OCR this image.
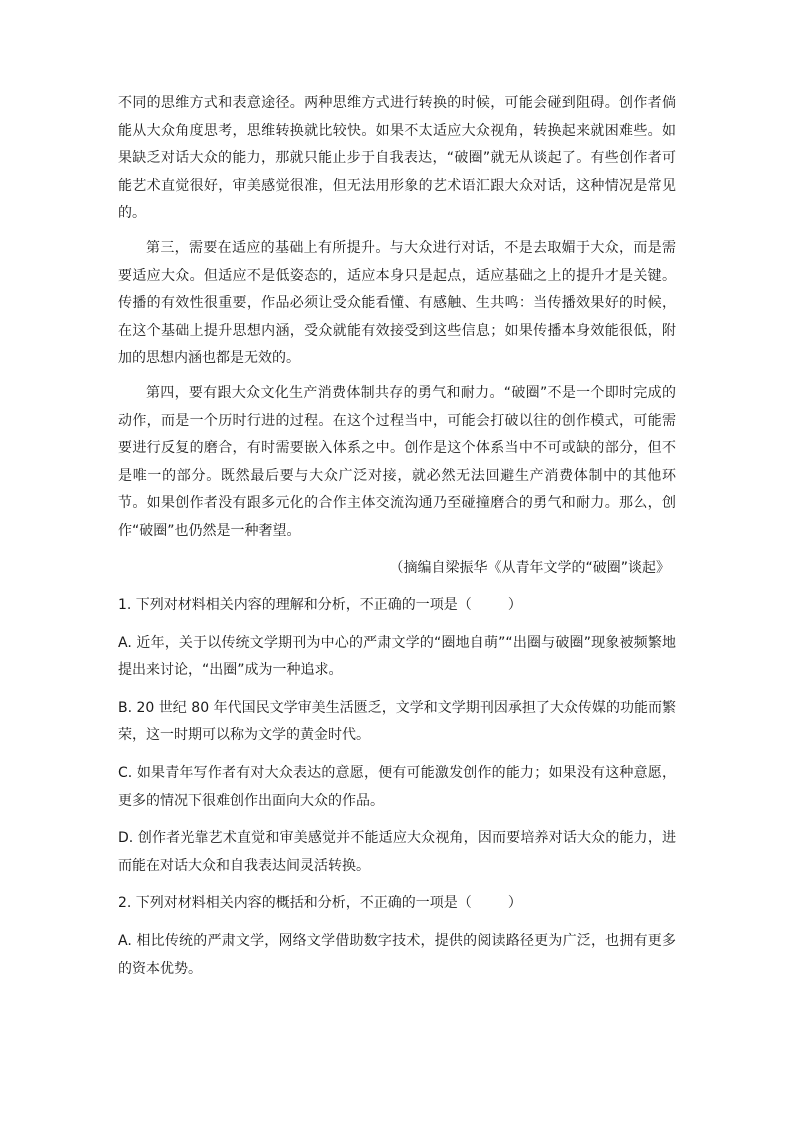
不同的思维方式和表意途径。两种思维方式进行转换的时候，可能会碰到阻碍。创作者倘能从大众角度思考，思维转换就比较快。如果不太适应大众视角，转换起来就困难些。如果缺乏对话大众的能力，那就只能止步于自我表达，“破圈”就无从谈起了。有些创作者可能艺术直觉很好，审美感觉很准，但无法用形象的艺术语汇跟大众对话，这种情况是常见的。

第三，需要在适应的基础上有所提升。与大众进行对话，不是去取媚于大众，而是需要适应大众。但适应不是低姿态的，适应本身只是起点，适应基础之上的提升才是关键。传播的有效性很重要，作品必须让受众能看懂、有感触、生共鸣：当传播效果好的时候，在这个基础上提升思想内涵，受众就能有效接受到这些信息；如果传播本身效能很低，附加的思想内涵也都是无效的。

第四，要有跟大众文化生产消费体制共存的勇气和耐力。“破圈”不是一个即时完成的动作，而是一个历时行进的过程。在这个过程当中，可能会打破以往的创作模式，可能需要进行反复的磨合，有时需要嵌入体系之中。创作是这个体系当中不可或缺的部分，但不是唯一的部分。既然最后要与大众广泛对接，就必然无法回避生产消费体制中的其他环节。如果创作者没有跟多元化的合作主体交流沟通乃至碰撞磨合的勇气和耐力。那么，创作“破圈”也仍然是一种奢望。

（摘编自梁振华《从青年文学的“破圈”谈起》

1. 下列对材料相关内容的理解和分析，不正确的一项是（	）

A. 近年，关于以传统文学期刊为中心的严肃文学的“圈地自萌”“出圈与破圈”现象被频繁地提出来讨论，“出圈”成为一种追求。

B. 20 世纪 80 年代国民文学审美生活匮乏，文学和文学期刊因承担了大众传媒的功能而繁荣，这一时期可以称为文学的黄金时代。

C. 如果青年写作者有对大众表达的意愿，便有可能激发创作的能力；如果没有这种意愿，更多的情况下很难创作出面向大众的作品。

D. 创作者光靠艺术直觉和审美感觉并不能适应大众视角，因而要培养对话大众的能力，进而能在对话大众和自我表达间灵活转换。

2. 下列对材料相关内容的概括和分析，不正确的一项是（	）

A. 相比传统的严肃文学，网络文学借助数字技术，提供的阅读路径更为广泛，也拥有更多的资本优势。
